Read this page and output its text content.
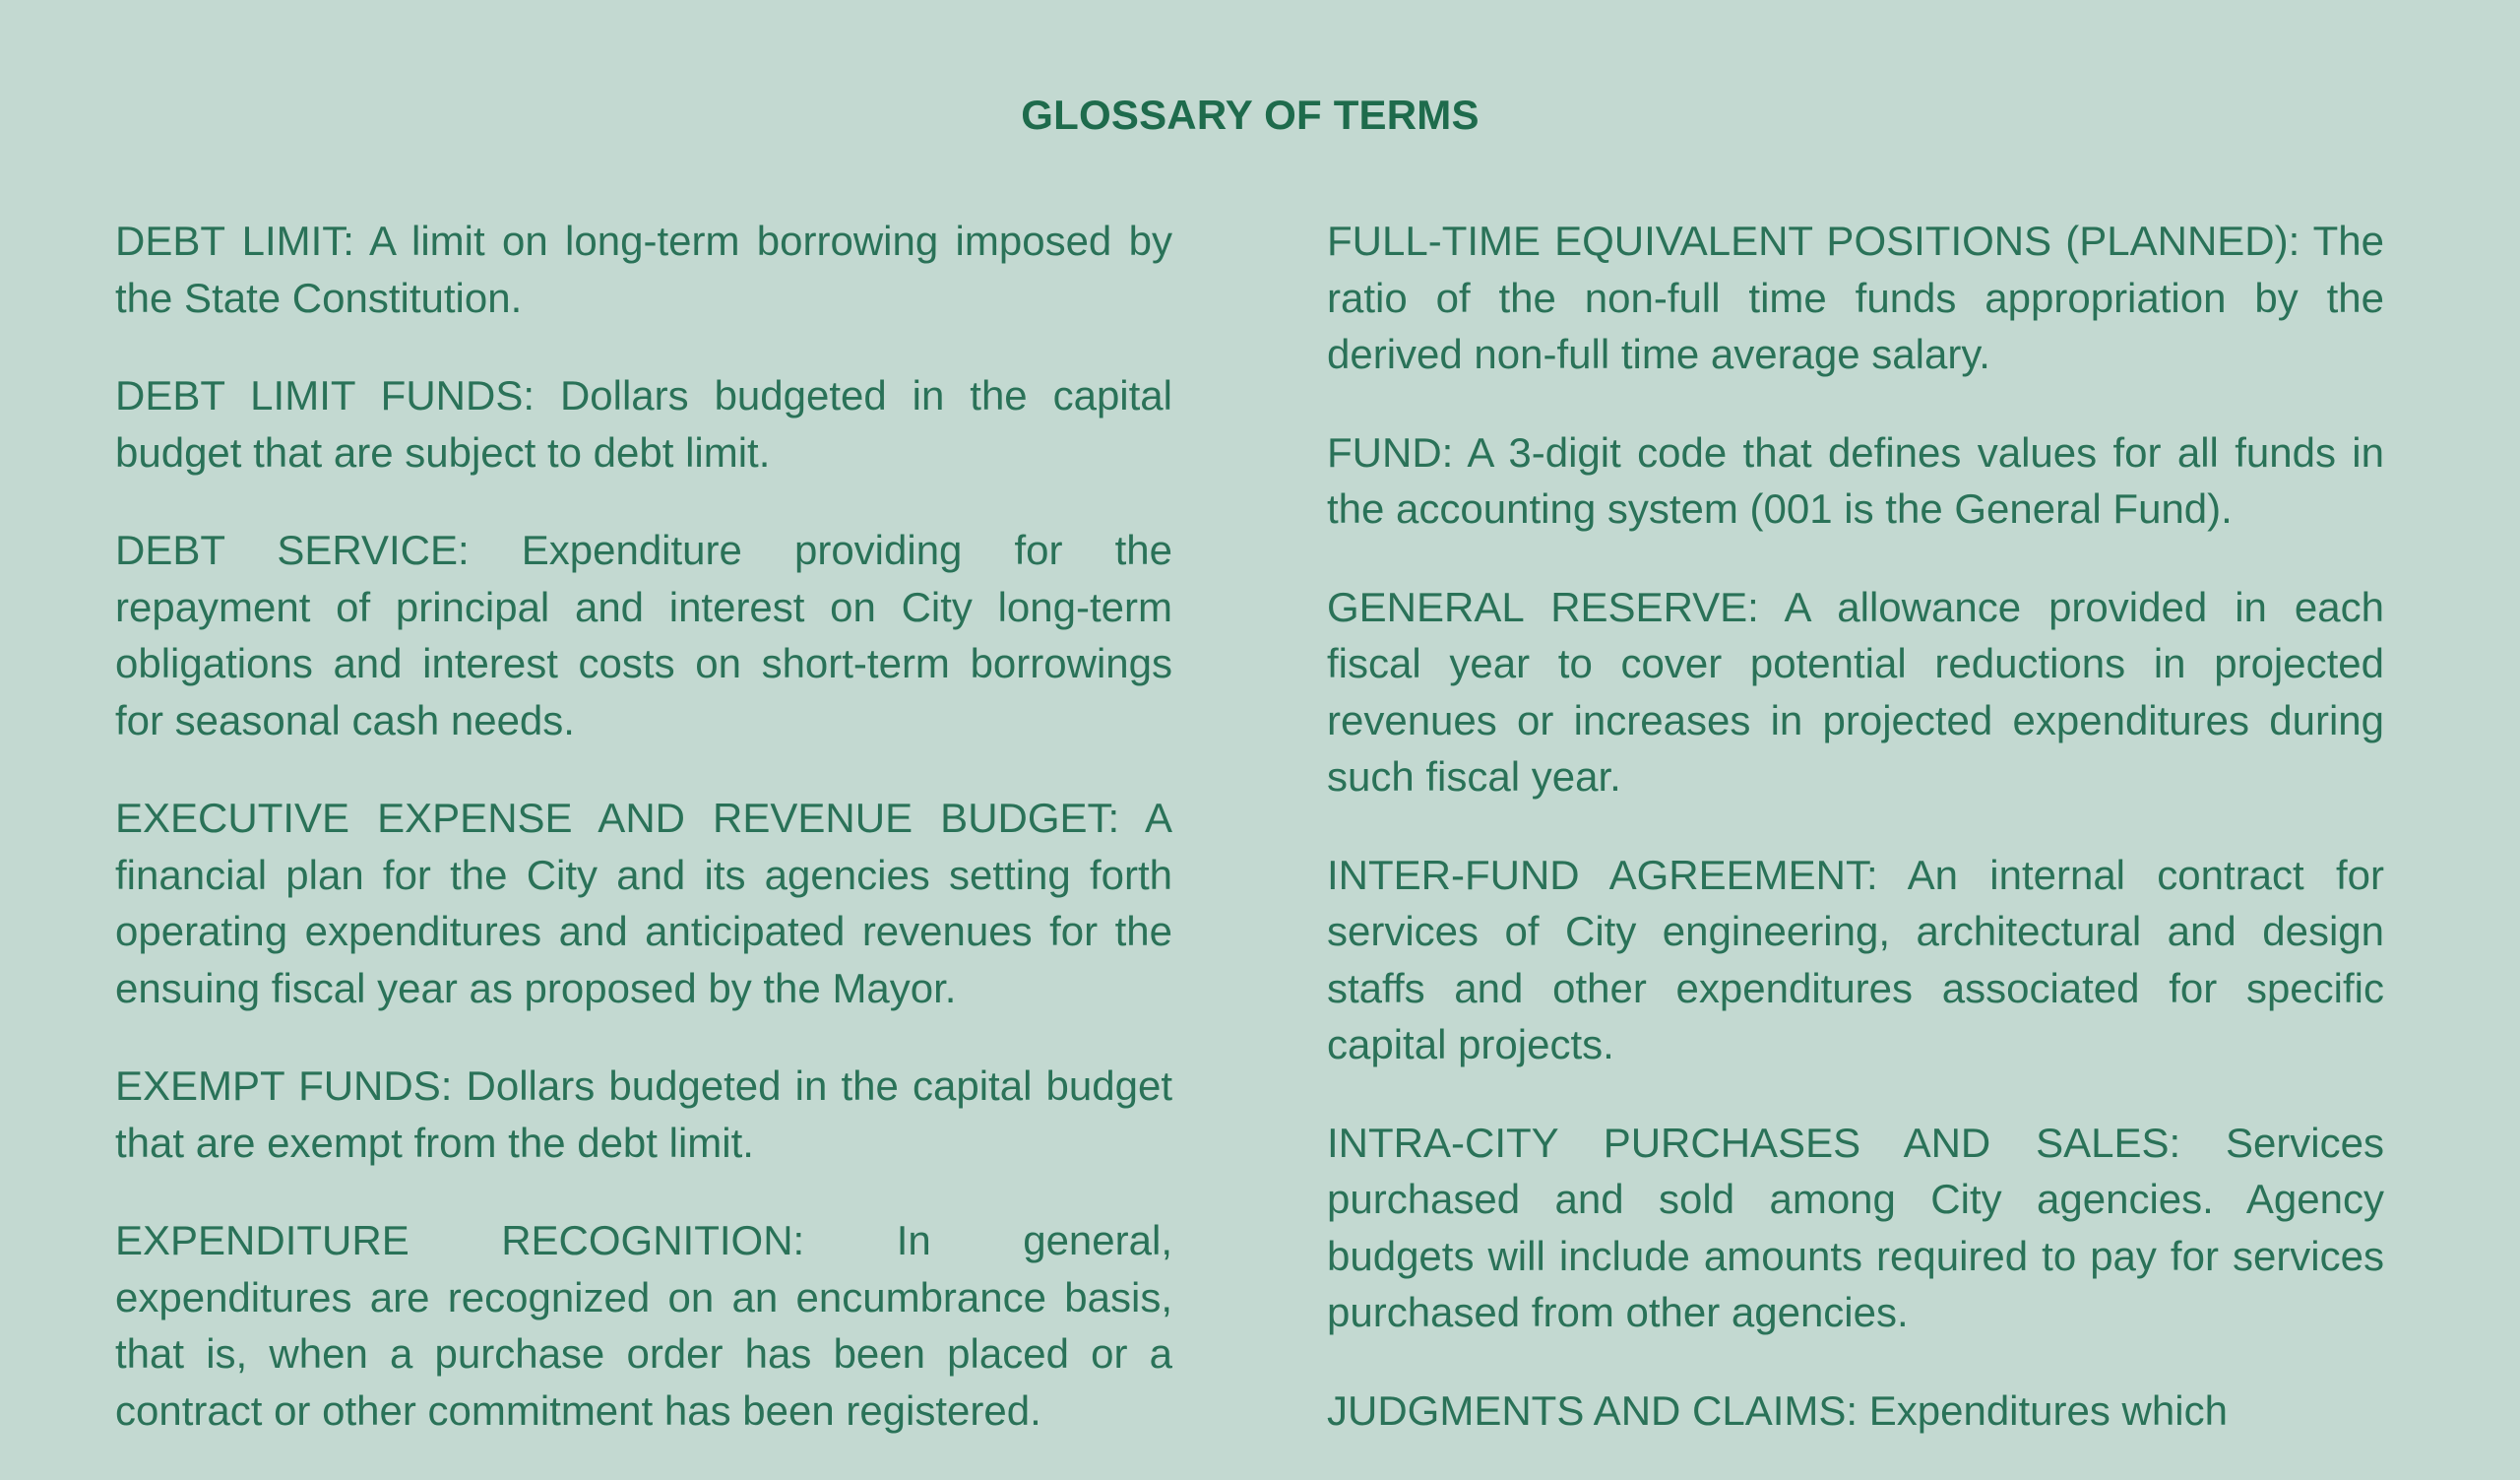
GLOSSARY OF TERMS

DEBT LIMIT: A limit on long-term borrowing imposed by the State Constitution.

DEBT LIMIT FUNDS: Dollars budgeted in the capital budget that are subject to debt limit.

DEBT SERVICE: Expenditure providing for the repayment of principal and interest on City long-term obligations and interest costs on short-term borrowings for seasonal cash needs.

EXECUTIVE EXPENSE AND REVENUE BUDGET: A financial plan for the City and its agencies setting forth operating expenditures and anticipated revenues for the ensuing fiscal year as proposed by the Mayor.

EXEMPT FUNDS: Dollars budgeted in the capital budget that are exempt from the debt limit.

EXPENDITURE RECOGNITION: In general, expenditures are recognized on an encumbrance basis, that is, when a purchase order has been placed or a contract or other commitment has been registered.

FULL-TIME EQUIVALENT POSITIONS (PLANNED): The ratio of the non-full time funds appropriation by the derived non-full time average salary.

FUND: A 3-digit code that defines values for all funds in the accounting system (001 is the General Fund).

GENERAL RESERVE: A allowance provided in each fiscal year to cover potential reductions in projected revenues or increases in projected expenditures during such fiscal year.

INTER-FUND AGREEMENT: An internal contract for services of City engineering, architectural and design staffs and other expenditures associated for specific capital projects.

INTRA-CITY PURCHASES AND SALES: Services purchased and sold among City agencies. Agency budgets will include amounts required to pay for services purchased from other agencies.

JUDGMENTS AND CLAIMS: Expenditures which
